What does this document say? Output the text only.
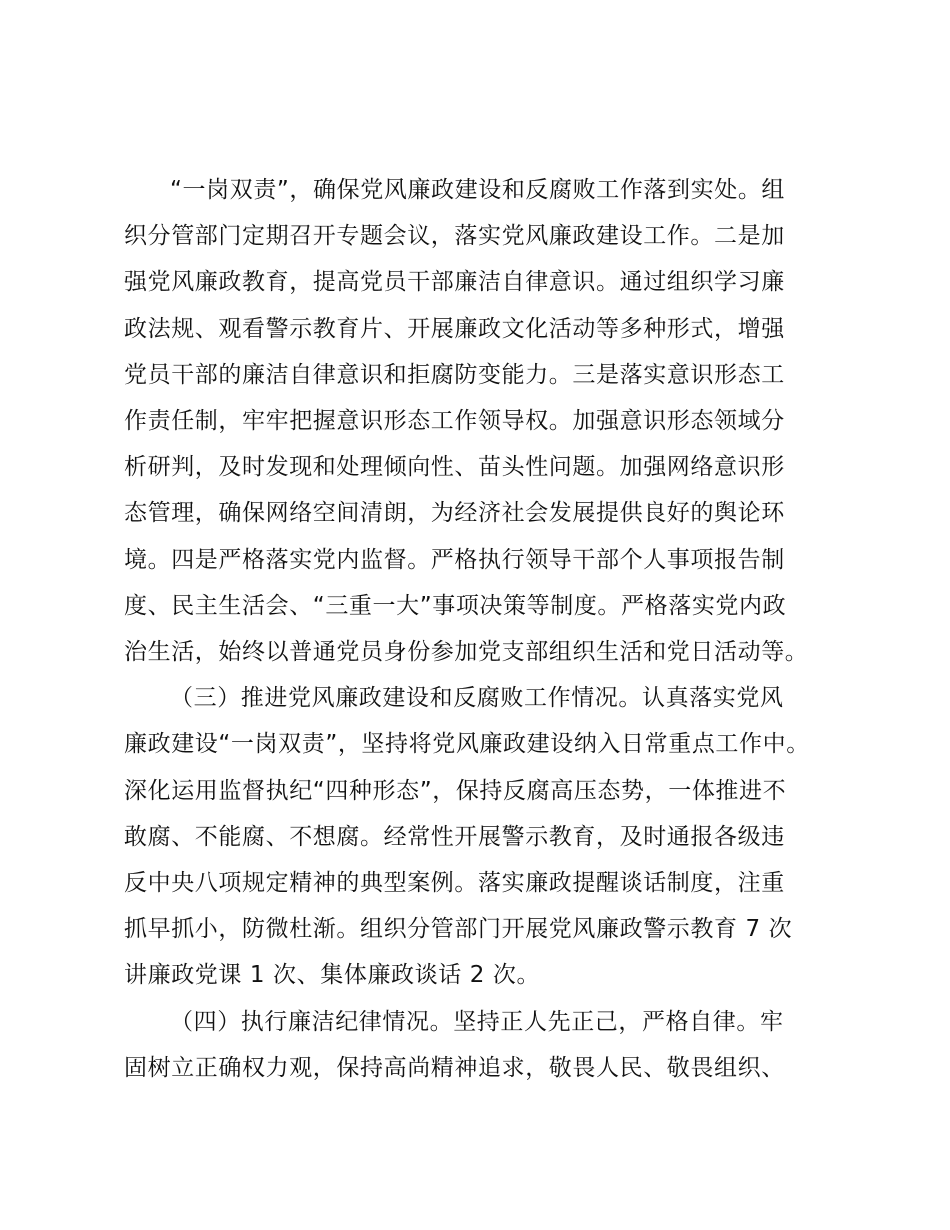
“一岗双责”，确保党风廉政建设和反腐败工作落到实处。组
织分管部门定期召开专题会议，落实党风廉政建设工作。二是加
强党风廉政教育，提高党员干部廉洁自律意识。通过组织学习廉
政法规、观看警示教育片、开展廉政文化活动等多种形式，增强
党员干部的廉洁自律意识和拒腐防变能力。三是落实意识形态工
作责任制，牢牢把握意识形态工作领导权。加强意识形态领域分
析研判，及时发现和处理倾向性、苗头性问题。加强网络意识形
态管理，确保网络空间清朗，为经济社会发展提供良好的舆论环
境。四是严格落实党内监督。严格执行领导干部个人事项报告制
度、民主生活会、“三重一大”事项决策等制度。严格落实党内政
治生活，始终以普通党员身份参加党支部组织生活和党日活动等。
（三）推进党风廉政建设和反腐败工作情况。认真落实党风
廉政建设“一岗双责”，坚持将党风廉政建设纳入日常重点工作中。
深化运用监督执纪“四种形态”，保持反腐高压态势，一体推进不
敢腐、不能腐、不想腐。经常性开展警示教育，及时通报各级违
反中央八项规定精神的典型案例。落实廉政提醒谈话制度，注重
抓早抓小，防微杜渐。组织分管部门开展党风廉政警示教育 7 次
讲廉政党课 1 次、集体廉政谈话 2 次。
（四）执行廉洁纪律情况。坚持正人先正己，严格自律。牢
固树立正确权力观，保持高尚精神追求，敬畏人民、敬畏组织、
